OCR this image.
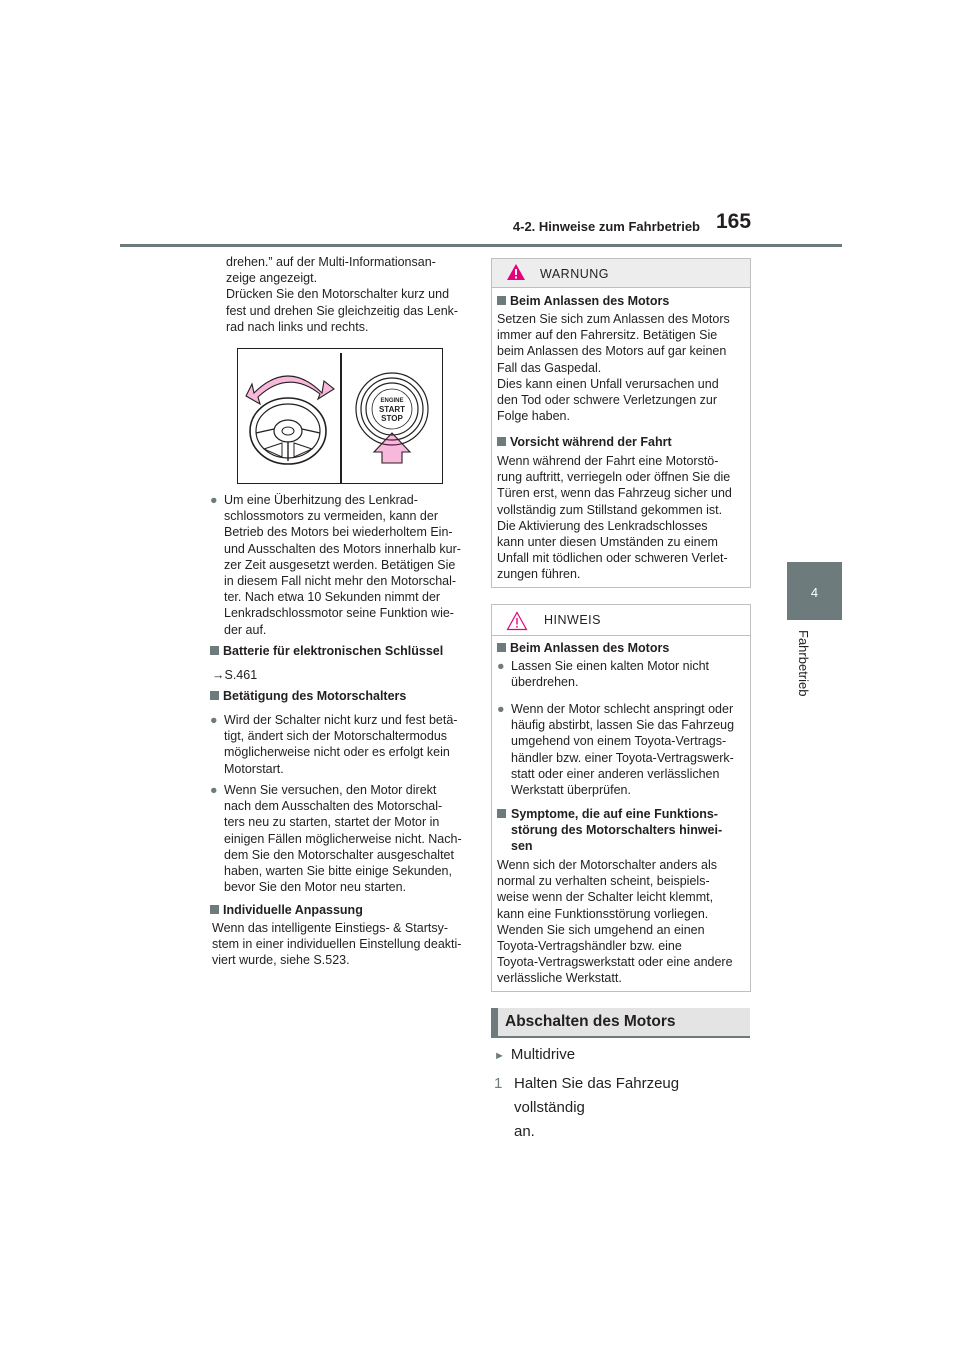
4-2. Hinweise zum Fahrbetrieb 165
4
Fahrbetrieb
drehen.” auf der Multi-Informationsan-
zeige angezeigt.
Drücken Sie den Motorschalter kurz und
fest und drehen Sie gleichzeitig das Lenk-
rad nach links und rechts.
ENGINE
START
STOP
● Um eine Überhitzung des Lenkrad-
schlossmotors zu vermeiden, kann der
Betrieb des Motors bei wiederholtem Ein-
und Ausschalten des Motors innerhalb kur-
zer Zeit ausgesetzt werden. Betätigen Sie
in diesem Fall nicht mehr den Motorschal-
ter. Nach etwa 10 Sekunden nimmt der
Lenkradschlossmotor seine Funktion wie-
der auf.
Batterie für elektronischen Schlüssel
→S.461
Betätigung des Motorschalters
● Wird der Schalter nicht kurz und fest betä-
tigt, ändert sich der Motorschaltermodus
möglicherweise nicht oder es erfolgt kein
Motorstart.
● Wenn Sie versuchen, den Motor direkt
nach dem Ausschalten des Motorschal-
ters neu zu starten, startet der Motor in
einigen Fällen möglicherweise nicht. Nach-
dem Sie den Motorschalter ausgeschaltet
haben, warten Sie bitte einige Sekunden,
bevor Sie den Motor neu starten.
Individuelle Anpassung
Wenn das intelligente Einstiegs- & Startsy-
stem in einer individuellen Einstellung deakti-
viert wurde, siehe S.523.
WARNUNG
Beim Anlassen des Motors
Setzen Sie sich zum Anlassen des Motors
immer auf den Fahrersitz. Betätigen Sie
beim Anlassen des Motors auf gar keinen
Fall das Gaspedal.
Dies kann einen Unfall verursachen und
den Tod oder schwere Verletzungen zur
Folge haben.
Vorsicht während der Fahrt
Wenn während der Fahrt eine Motorstö-
rung auftritt, verriegeln oder öffnen Sie die
Türen erst, wenn das Fahrzeug sicher und
vollständig zum Stillstand gekommen ist.
Die Aktivierung des Lenkradschlosses
kann unter diesen Umständen zu einem
Unfall mit tödlichen oder schweren Verlet-
zungen führen.
HINWEIS
Beim Anlassen des Motors
● Lassen Sie einen kalten Motor nicht
überdrehen.
● Wenn der Motor schlecht anspringt oder
häufig abstirbt, lassen Sie das Fahrzeug
umgehend von einem Toyota-Vertrags-
händler bzw. einer Toyota-Vertragswerk-
statt oder einer anderen verlässlichen
Werkstatt überprüfen.
Symptome, die auf eine Funktions-
störung des Motorschalters hinwei-
sen
Wenn sich der Motorschalter anders als
normal zu verhalten scheint, beispiels-
weise wenn der Schalter leicht klemmt,
kann eine Funktionsstörung vorliegen.
Wenden Sie sich umgehend an einen
Toyota-Vertragshändler bzw. eine
Toyota-Vertragswerkstatt oder eine andere
verlässliche Werkstatt.
Abschalten des Motors
► Multidrive
1 Halten Sie das Fahrzeug vollständig
an.
